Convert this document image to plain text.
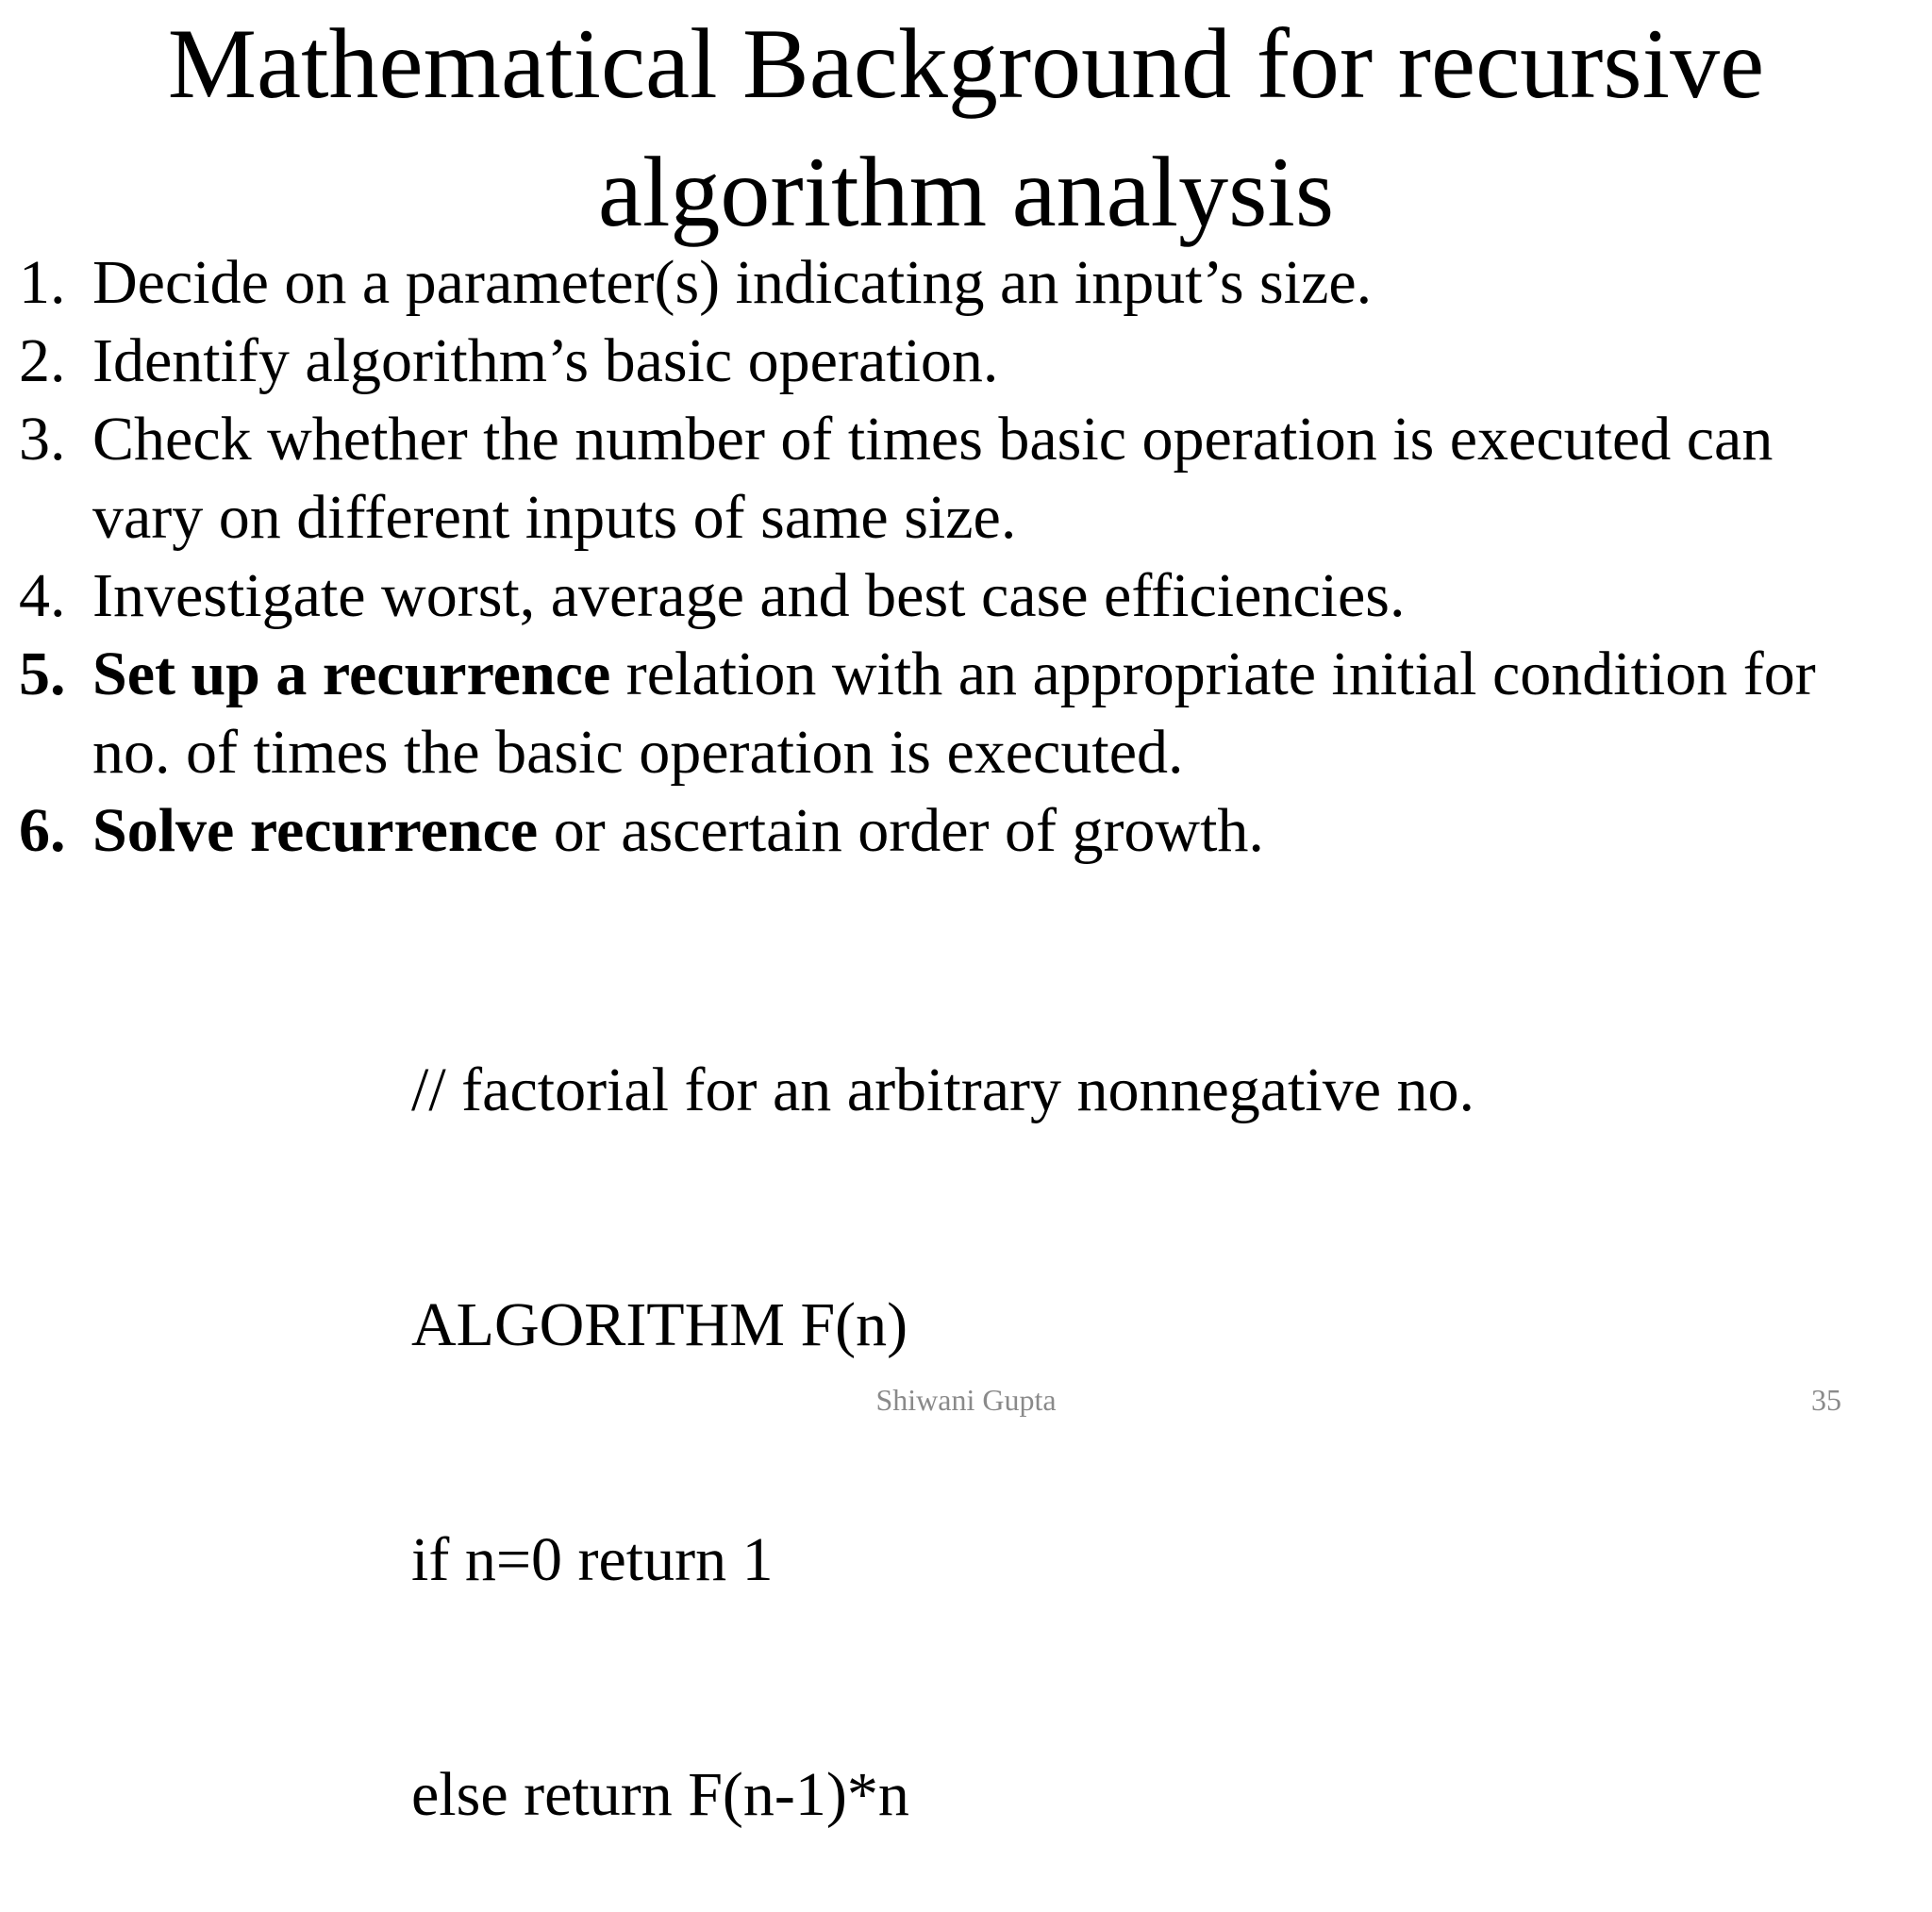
Mathematical Background for recursive
algorithm analysis
1. Decide on a parameter(s) indicating an input’s size.
2. Identify algorithm’s basic operation.
3. Check whether the number of times basic operation is executed can
vary on different inputs of same size.
4. Investigate worst, average and best case efficiencies.
5. Set up a recurrence relation with an appropriate initial condition for
no. of times the basic operation is executed.
6. Solve recurrence or ascertain order of growth.

// factorial for an arbitrary nonnegative no.

ALGORITHM F(n)

if n=0 return 1

else return F(n-1)*n

Shiwani Gupta	35
